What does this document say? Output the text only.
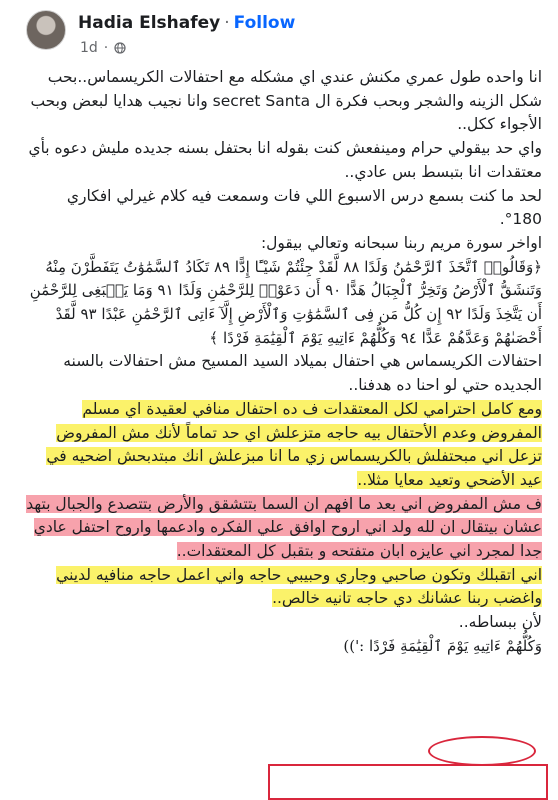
Hadia Elshafey · Follow
1d ·

انا واحده طول عمري مكنش عندي اي مشكله مع احتفالات الكريسماس..بحب شكل الزينه والشجر وبحب فكرة ال secret Santa وانا نجيب هدايا لبعض وبحب الأجواء ككل..

واي حد بيقولي حرام ومينفعش كنت بقوله انا بحتفل بسنه جديده مليش دعوه بأي معتقدات انا بتبسط بس عادي..

لحد ما كنت بسمع درس الاسبوع اللي فات وسمعت فيه كلام غيرلي افكاري 180°.

اواخر سورة مريم ربنا سبحانه وتعالي بيقول:

﴿وَقَالُوا۟ ٱتَّخَذَ ٱلرَّحْمَٰنُ وَلَدًا ٨٨ لَّقَدْ جِئْتُمْ شَيْـًٔا إِدًّا ٨٩ تَكَادُ ٱلسَّمَٰوَٰتُ يَتَفَطَّرْنَ مِنْهُ وَتَنشَقُّ ٱلْأَرْضُ وَتَخِرُّ ٱلْجِبَالُ هَدًّا ٩٠ أَن دَعَوْا۟ لِلرَّحْمَٰنِ وَلَدًا ٩١ وَمَا يَنۢبَغِى لِلرَّحْمَٰنِ أَن يَتَّخِذَ وَلَدًا ٩٢ إِن كُلُّ مَن فِى ٱلسَّمَٰوَٰتِ وَٱلْأَرْضِ إِلَّآ ءَاتِى ٱلرَّحْمَٰنِ عَبْدًا ٩٣ لَّقَدْ أَحْصَىٰهُمْ وَعَدَّهُمْ عَدًّا ٩٤ وَكُلُّهُمْ ءَاتِيهِ يَوْمَ ٱلْقِيَٰمَةِ فَرْدًا ﴾

احتفالات الكريسماس هي احتفال بميلاد السيد المسيح مش احتفالات بالسنه الجديده حتي لو احنا ده هدفنا..

ومع كامل احترامي لكل المعتقدات ف ده احتفال منافي لعقيدة اي مسلم المفروض وعدم الأحتفال بيه حاجه متزعلش اي حد تماماً لأنك مش المفروض تزعل اني مبحتفلش بالكريسماس زي ما انا مبزعلش انك مبتدبحش اضحيه في عيد الأضحي وتعيد معايا مثلا..

ف مش المفروض اني بعد ما افهم ان السما بتتشقق والأرض بتتصدع والجبال بتهد عشان بيتقال ان لله ولد اني اروح اوافق علي الفكره وادعمها واروح احتفل عادي جدا لمجرد اني عايزه ابان متفتحه و بتقبل كل المعتقدات..

اني اتقبلك وتكون صاحبي وجاري وحبيبي حاجه واني اعمل حاجه منافيه لديني واغضب ربنا عشانك دي حاجه تانيه خالص..

لأن ببساطه..

وَكُلُّهُمْ ءَاتِيهِ يَوْمَ ٱلْقِيَٰمَةِ فَرْدًا :'))
